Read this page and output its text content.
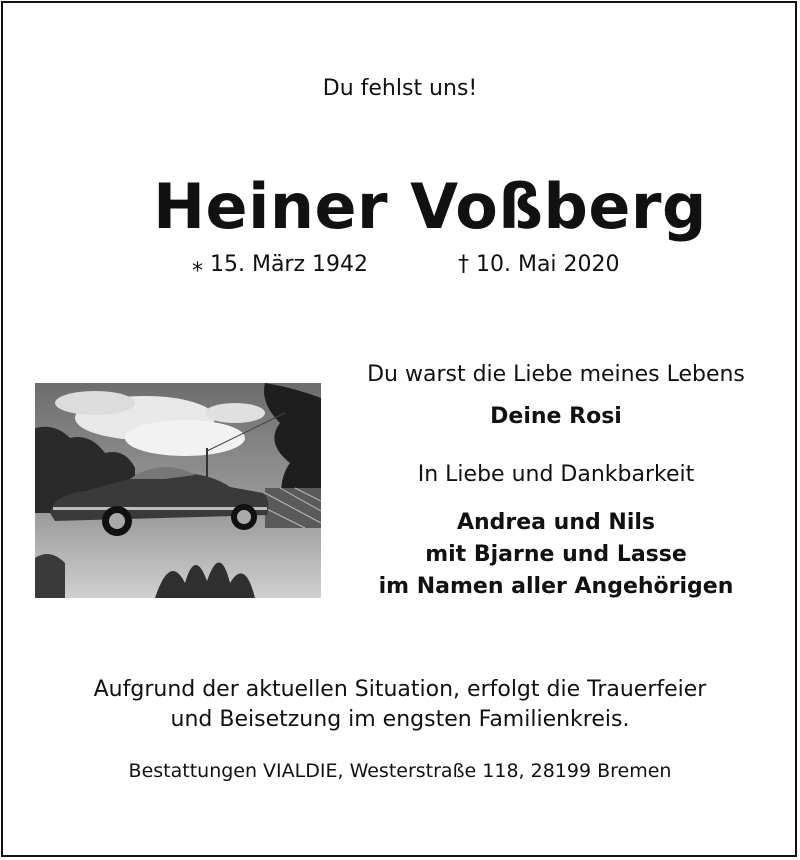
Du fehlst uns!
Heiner Voßberg
⁎ 15. März 1942	† 10. Mai 2020
Du warst die Liebe meines Lebens
Deine Rosi
In Liebe und Dankbarkeit
Andrea und Nils
mit Bjarne und Lasse
im Namen aller Angehörigen
Aufgrund der aktuellen Situation, erfolgt die Trauerfeier
und Beisetzung im engsten Familienkreis.
Bestattungen VIALDIE, Westerstraße 118, 28199 Bremen
